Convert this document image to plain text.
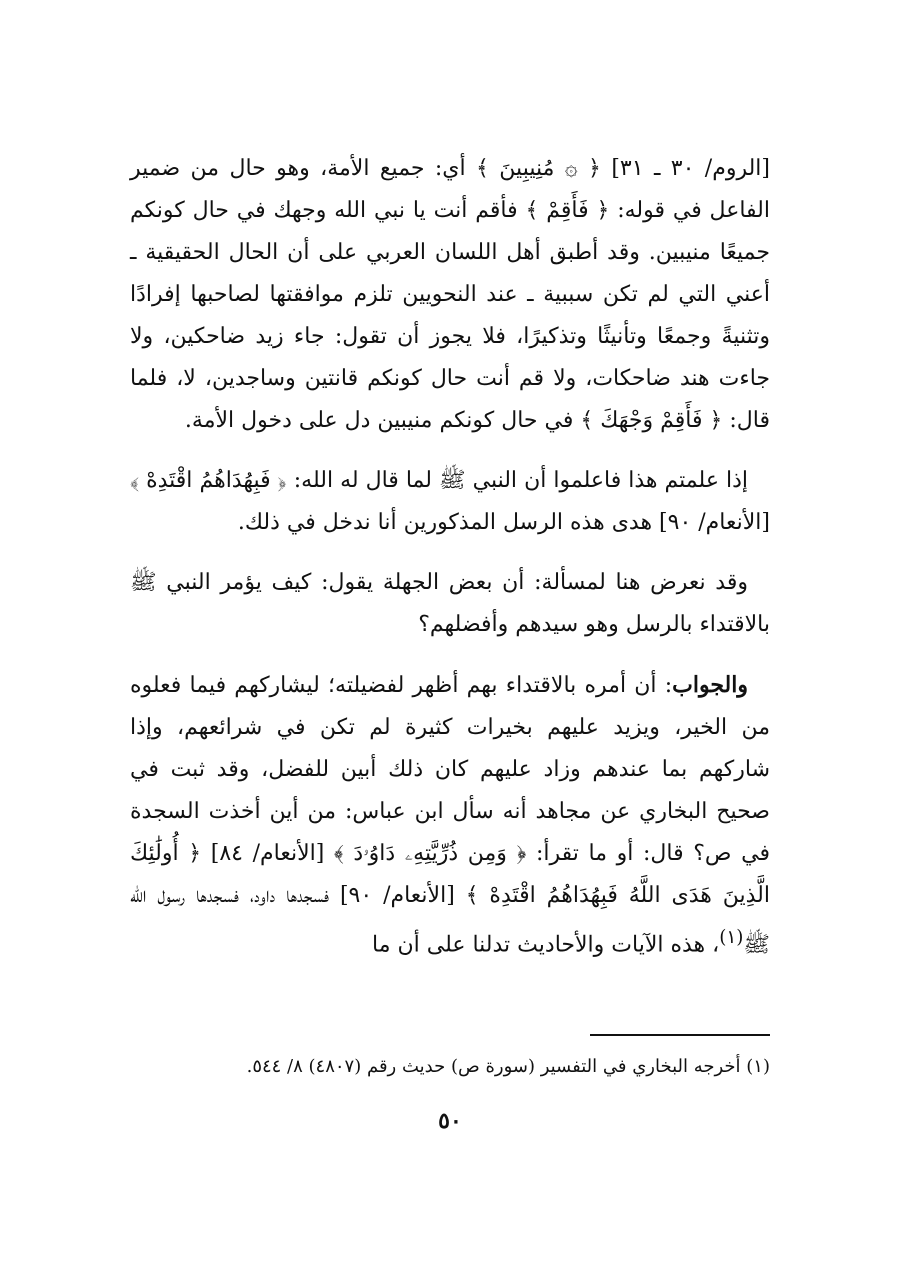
[الروم/ ٣٠ ـ ٣١] ﴿ ۞ مُنِيبِينَ ﴾ أي: جميع الأمة، وهو حال من ضمير الفاعل في قوله: ﴿ فَأَقِمْ ﴾ فأقم أنت يا نبي الله وجهك في حال كونكم جميعًا منيبين. وقد أطبق أهل اللسان العربي على أن الحال الحقيقية ـ أعني التي لم تكن سببية ـ عند النحويين تلزم موافقتها لصاحبها إفرادًا وتثنيةً وجمعًا وتأنيثًا وتذكيرًا، فلا يجوز أن تقول: جاء زيد ضاحكين، ولا جاءت هند ضاحكات، ولا قم أنت حال كونكم قانتين وساجدين، لا، فلما قال: ﴿ فَأَقِمْ وَجْهَكَ ﴾ في حال كونكم منيبين دل على دخول الأمة.

إذا علمتم هذا فاعلموا أن النبي ﷺ لما قال له الله: ﴿ فَبِهُدَاهُمُ اقْتَدِهْ ﴾ [الأنعام/ ٩٠] هدى هذه الرسل المذكورين أنا ندخل في ذلك.

وقد نعرض هنا لمسألة: أن بعض الجهلة يقول: كيف يؤمر النبي ﷺ بالاقتداء بالرسل وهو سيدهم وأفضلهم؟

والجواب: أن أمره بالاقتداء بهم أظهر لفضيلته؛ ليشاركهم فيما فعلوه من الخير، ويزيد عليهم بخيرات كثيرة لم تكن في شرائعهم، وإذا شاركهم بما عندهم وزاد عليهم كان ذلك أبين للفضل، وقد ثبت في صحيح البخاري عن مجاهد أنه سأل ابن عباس: من أين أخذت السجدة في ص؟ قال: أو ما تقرأ: ﴿ وَمِن ذُرِّيَّتِهِۦ دَاوُۥدَ ﴾ [الأنعام/ ٨٤] ﴿ أُولَٰئِكَ الَّذِينَ هَدَى اللَّهُ فَبِهُدَاهُمُ اقْتَدِهْ ﴾ [الأنعام/ ٩٠] فسجدها داود، فسجدها رسول الله ﷺ$^{(١)}$، هذه الآيات والأحاديث تدلنا على أن ما

(١) أخرجه البخاري في التفسير (سورة ص) حديث رقم (٤٨٠٧) ٨/ ٥٤٤.

٥٠
